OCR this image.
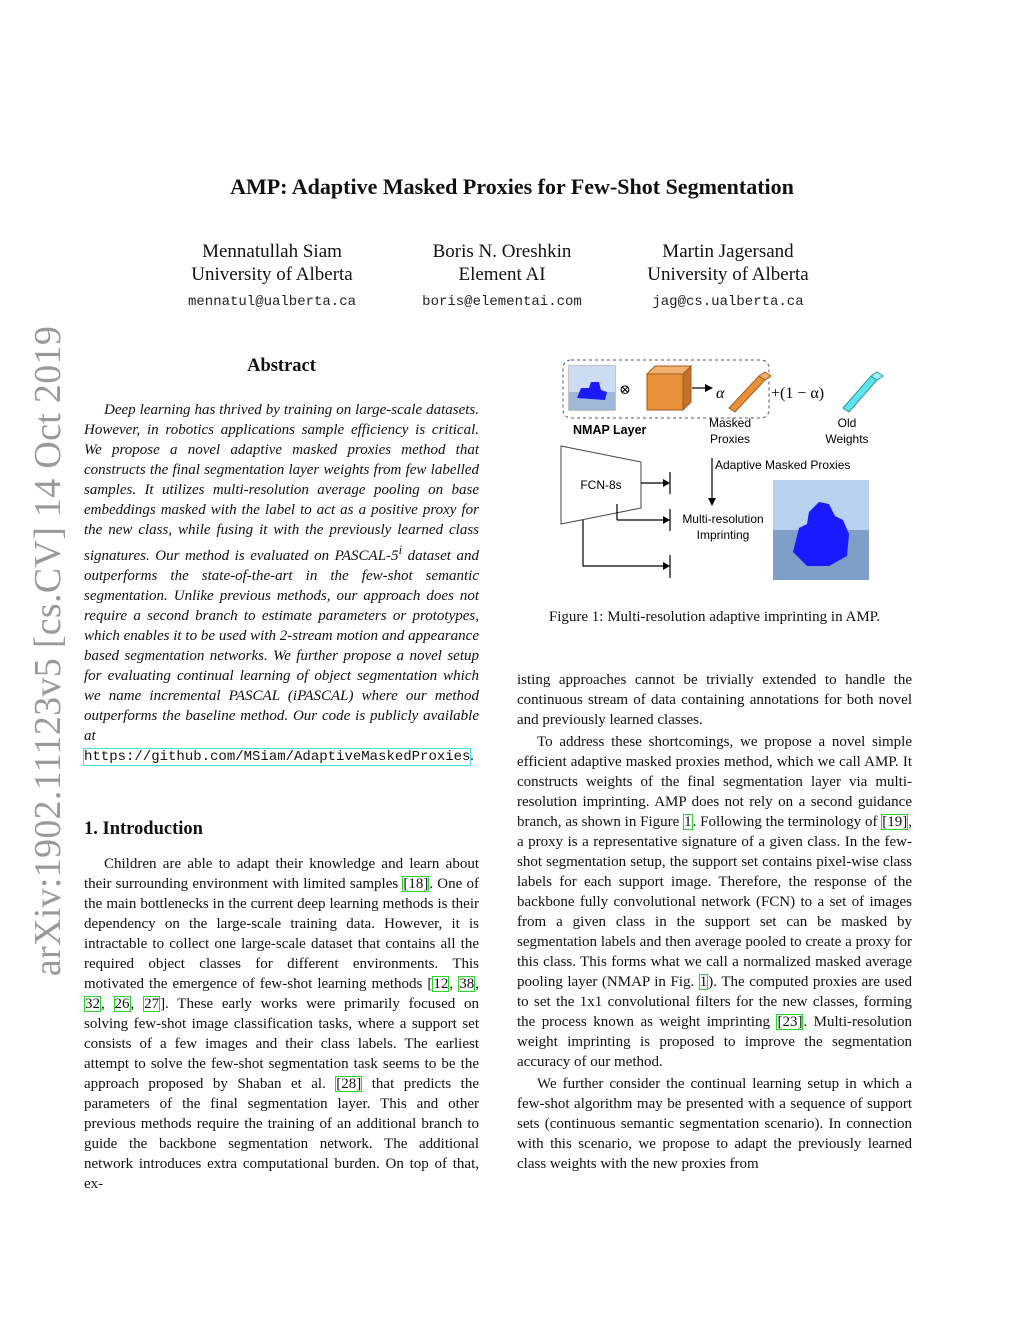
arXiv:1902.11123v5 [cs.CV] 14 Oct 2019
AMP: Adaptive Masked Proxies for Few-Shot Segmentation
Mennatullah Siam
University of Alberta
mennatul@ualberta.ca
Boris N. Oreshkin
Element AI
boris@elementai.com
Martin Jagersand
University of Alberta
jag@cs.ualberta.ca
Abstract

Deep learning has thrived by training on large-scale datasets. However, in robotics applications sample efficiency is critical. We propose a novel adaptive masked proxies method that constructs the final segmentation layer weights from few labelled samples. It utilizes multi-resolution average pooling on base embeddings masked with the label to act as a positive proxy for the new class, while fusing it with the previously learned class signatures. Our method is evaluated on PASCAL-5$^i$ dataset and outperforms the state-of-the-art in the few-shot semantic segmentation. Unlike previous methods, our approach does not require a second branch to estimate parameters or prototypes, which enables it to be used with 2-stream motion and appearance based segmentation networks. We further propose a novel setup for evaluating continual learning of object segmentation which we name incremental PASCAL (iPASCAL) where our method outperforms the baseline method. Our code is publicly available at https://github.com/MSiam/AdaptiveMaskedProxies.

1. Introduction

Children are able to adapt their knowledge and learn about their surrounding environment with limited samples [18]. One of the main bottlenecks in the current deep learning methods is their dependency on the large-scale training data. However, it is intractable to collect one large-scale dataset that contains all the required object classes for different environments. This motivated the emergence of few-shot learning methods [12, 38, 32, 26, 27]. These early works were primarily focused on solving few-shot image classification tasks, where a support set consists of a few images and their class labels. The earliest attempt to solve the few-shot segmentation task seems to be the approach proposed by Shaban et al. [28] that predicts the parameters of the final segmentation layer. This and other previous methods require the training of an additional branch to guide the backbone segmentation network. The additional network introduces extra computational burden. On top of that, ex-

⊗	α	+(1 − α)
NMAP Layer	Masked
Proxies
Old
Weights
Adaptive Masked Proxies
FCN-8s
Multi-resolution
Imprinting
Figure 1: Multi-resolution adaptive imprinting in AMP.

isting approaches cannot be trivially extended to handle the continuous stream of data containing annotations for both novel and previously learned classes.

To address these shortcomings, we propose a novel simple efficient adaptive masked proxies method, which we call AMP. It constructs weights of the final segmentation layer via multi-resolution imprinting. AMP does not rely on a second guidance branch, as shown in Figure 1. Following the terminology of [19], a proxy is a representative signature of a given class. In the few-shot segmentation setup, the support set contains pixel-wise class labels for each support image. Therefore, the response of the backbone fully convolutional network (FCN) to a set of images from a given class in the support set can be masked by segmentation labels and then average pooled to create a proxy for this class. This forms what we call a normalized masked average pooling layer (NMAP in Fig. 1). The computed proxies are used to set the 1x1 convolutional filters for the new classes, forming the process known as weight imprinting [23]. Multi-resolution weight imprinting is proposed to improve the segmentation accuracy of our method.

We further consider the continual learning setup in which a few-shot algorithm may be presented with a sequence of support sets (continuous semantic segmentation scenario). In connection with this scenario, we propose to adapt the previously learned class weights with the new proxies from
